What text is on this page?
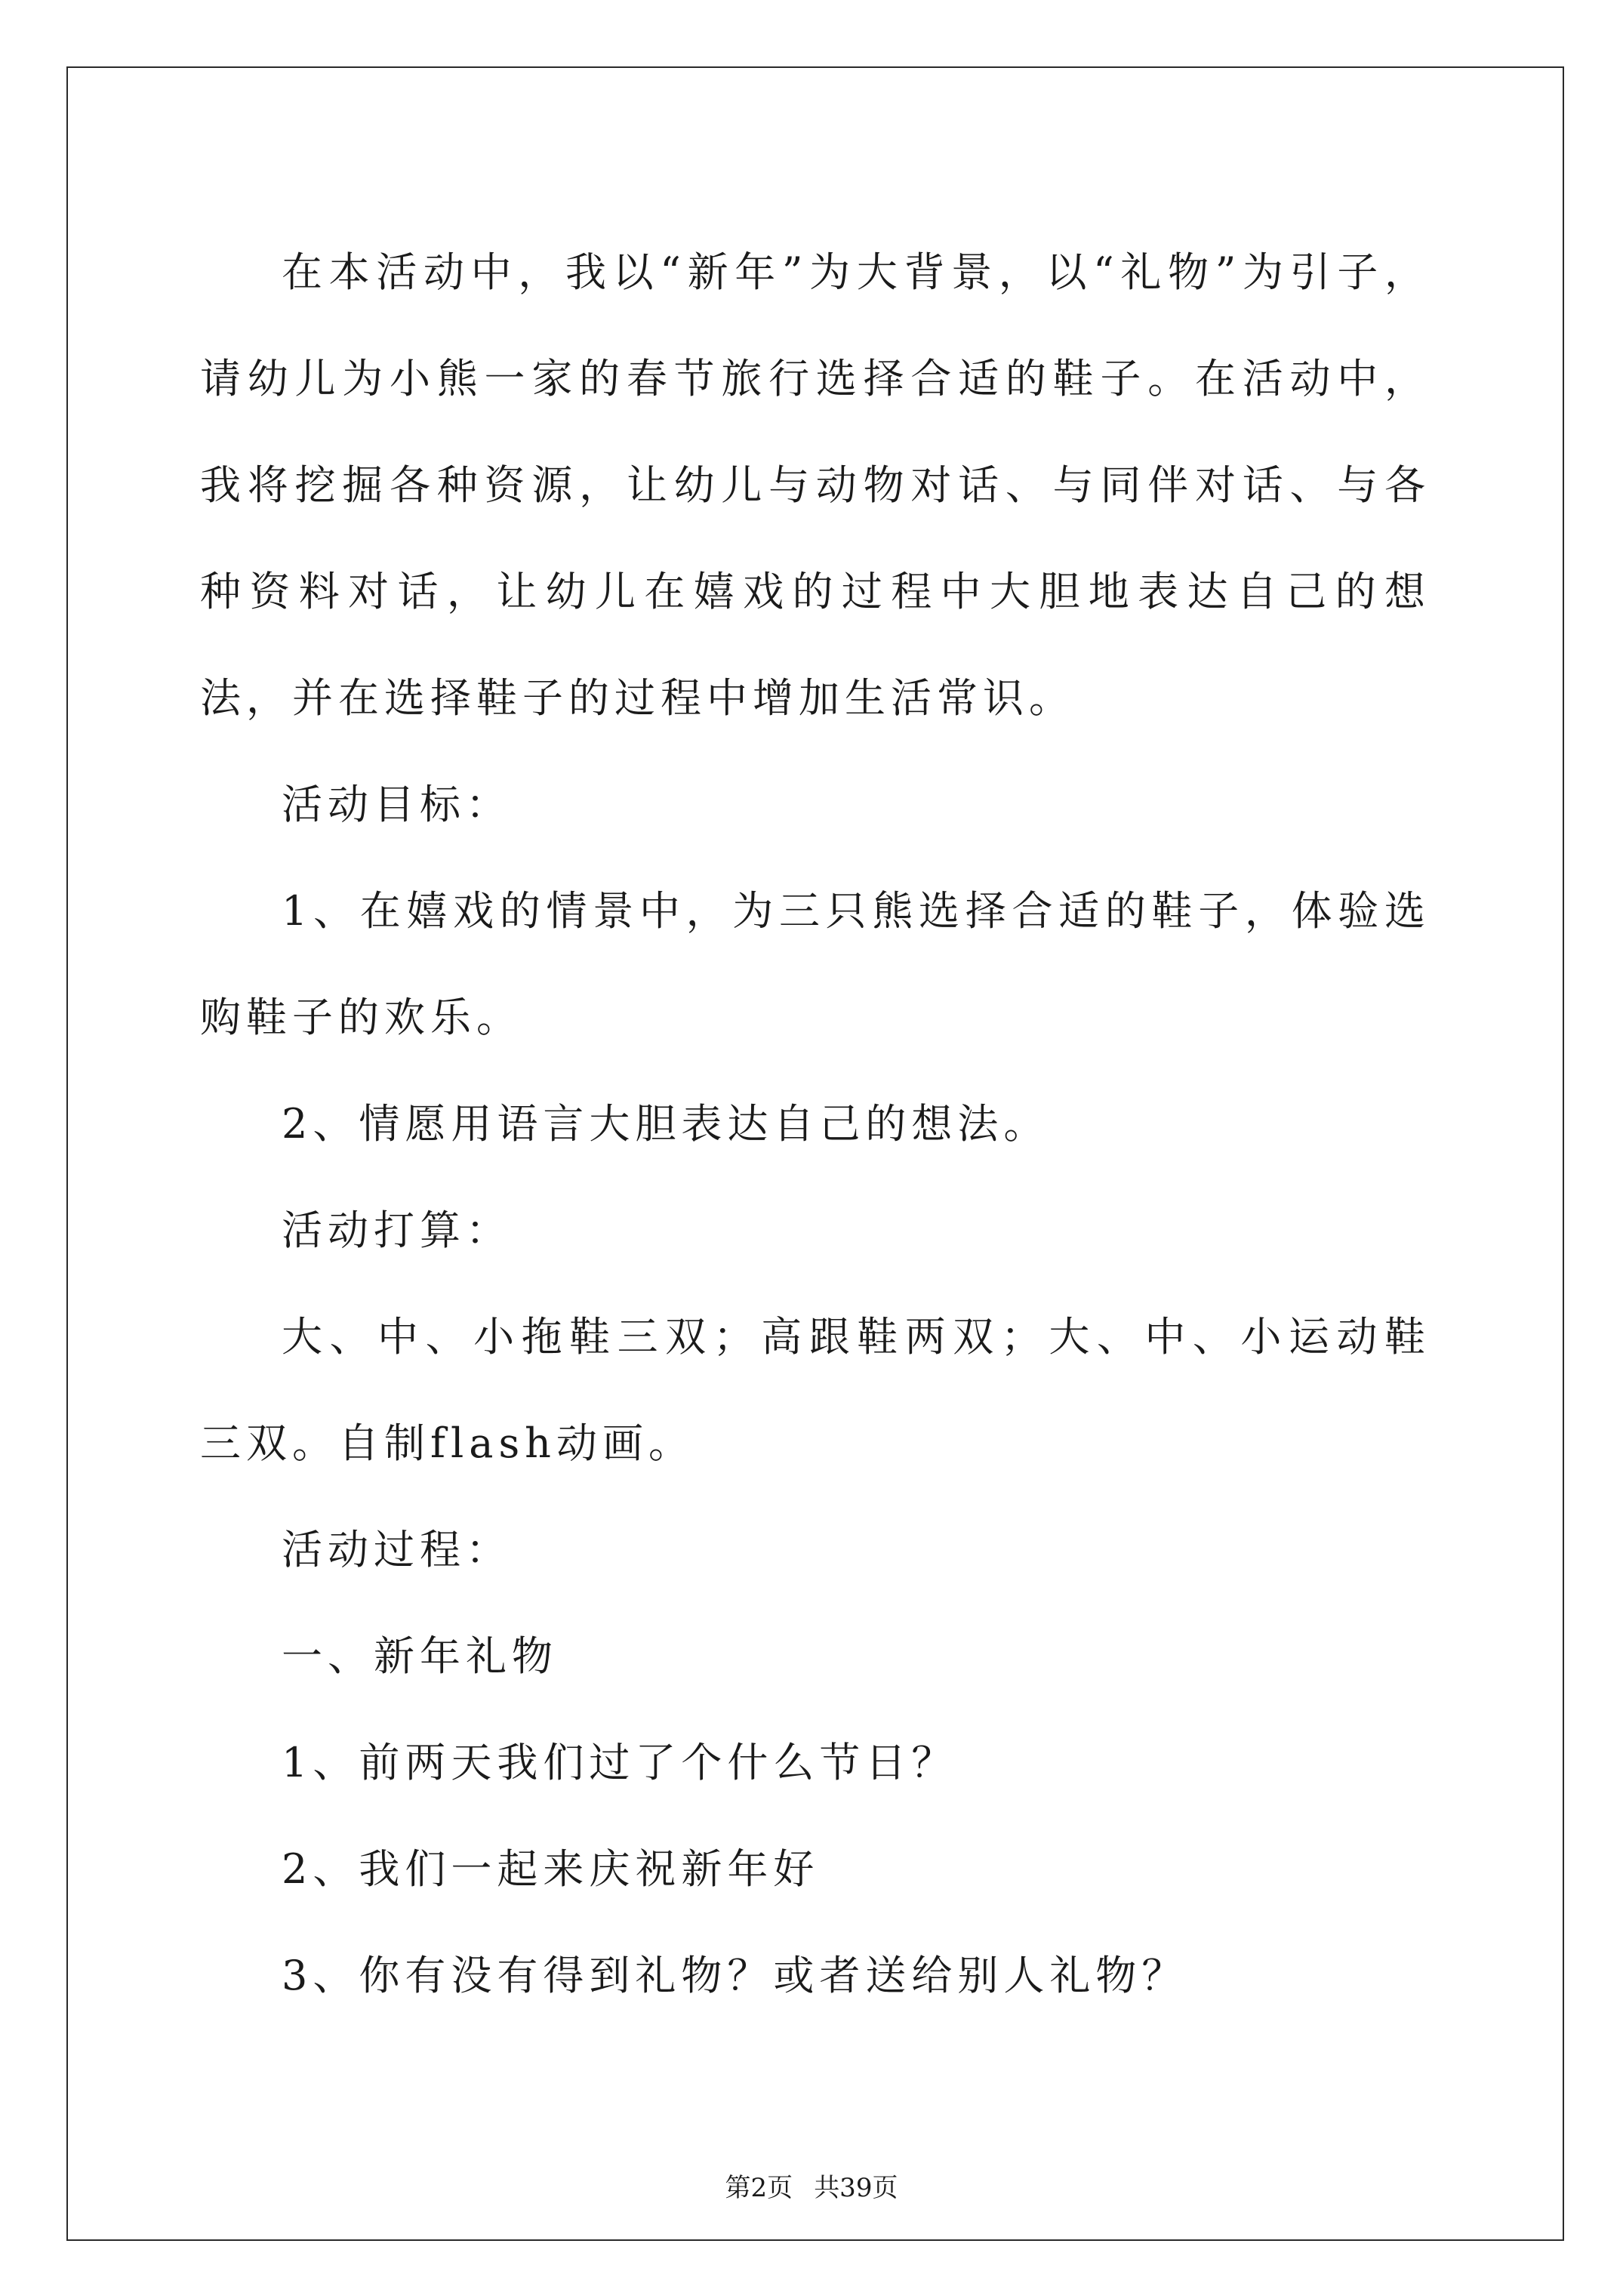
在本活动中，我以“新年”为大背景，以“礼物”为引子，请幼儿为小熊一家的春节旅行选择合适的鞋子。在活动中，我将挖掘各种资源，让幼儿与动物对话、与同伴对话、与各种资料对话，让幼儿在嬉戏的过程中大胆地表达自己的想法，并在选择鞋子的过程中增加生活常识。

活动目标：

1、在嬉戏的情景中，为三只熊选择合适的鞋子，体验选购鞋子的欢乐。

2、情愿用语言大胆表达自己的想法。

活动打算：

大、中、小拖鞋三双；高跟鞋两双；大、中、小运动鞋三双。自制flash动画。

活动过程：

一、新年礼物

1、前两天我们过了个什么节日？

2、我们一起来庆祝新年好

3、你有没有得到礼物？或者送给别人礼物？

第2页 共39页
